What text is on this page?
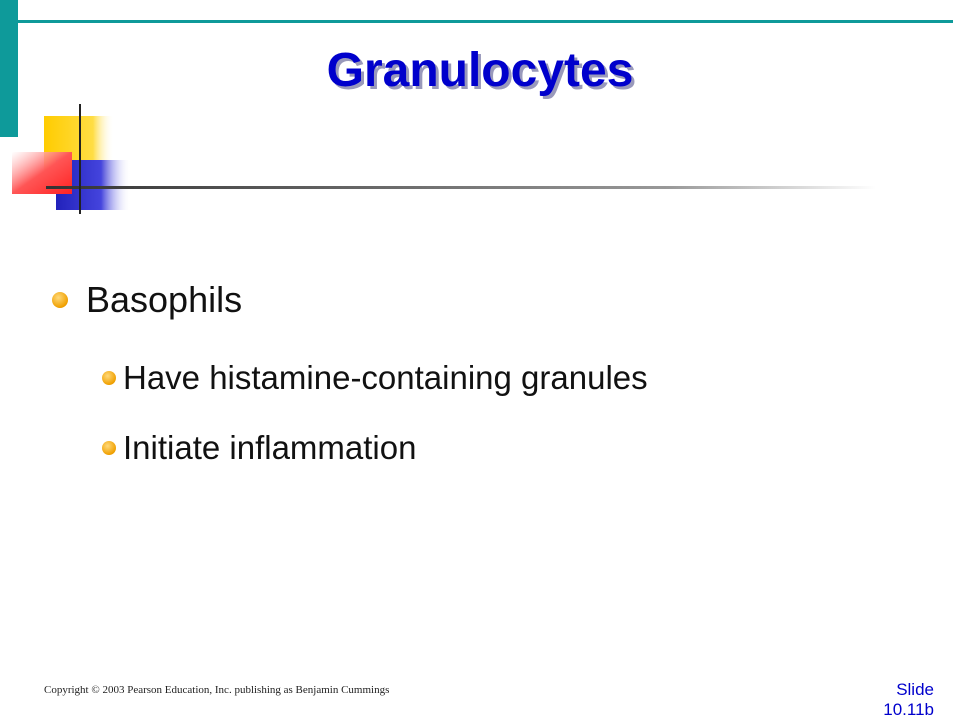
Granulocytes
Basophils
Have histamine-containing granules
Initiate inflammation
Copyright © 2003 Pearson Education, Inc. publishing as Benjamin Cummings	Slide
10.11b
